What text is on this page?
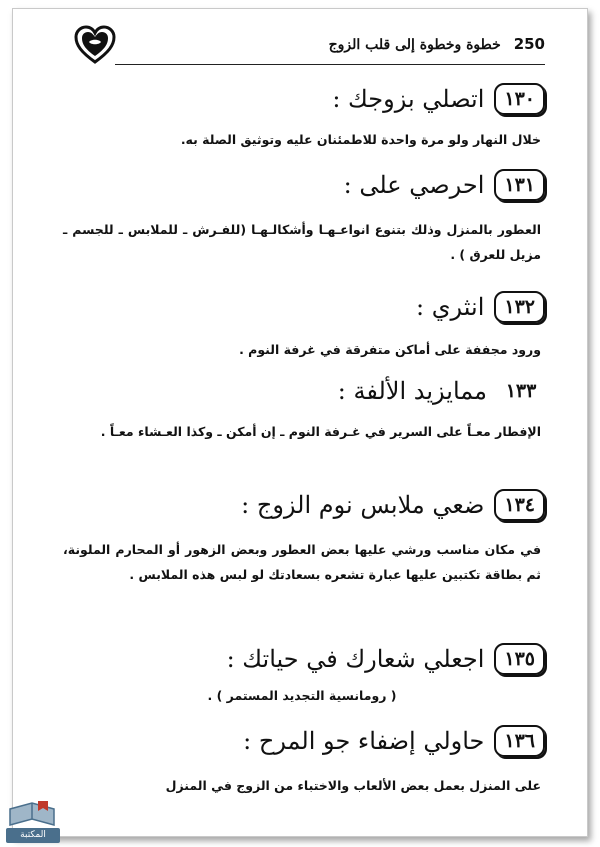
250 خطوة وخطوة إلى قلب الزوج
١٣٠
اتصلي بزوجك :
خلال النهار ولو مرة واحدة للاطمئنان عليه وتوثيق الصلة به.
١٣١
احرصي على :
العطور بالمنزل وذلك بتنوع انواعـهـا وأشكالـهـا (للفـرش ـ للملابس ـ للجسم ـ مزيل للعرق ) .
١٣٢
انثري :
ورود مجففة على أماكن متفرقة في غرفة النوم .
١٣٣
ممايزيد الألفة :
الإفطار معـاً على السرير في غـرفة النوم ـ إن أمكن ـ وكذا العـشاء معـاً .
١٣٤
ضعي ملابس نوم الزوج :
في مكان مناسب ورشي عليها بعض العطور وبعض الزهور أو المحارم الملونة، ثم بطاقة تكتبين عليها عبارة تشعره بسعادتك لو لبس هذه الملابس .
١٣٥
اجعلي شعارك في حياتك :
( رومانسية التجديد المستمر ) .
١٣٦
حاولي إضفاء جو المرح :
على المنزل بعمل بعض الألعاب والاختباء من الزوج في المنزل
المكتبة
